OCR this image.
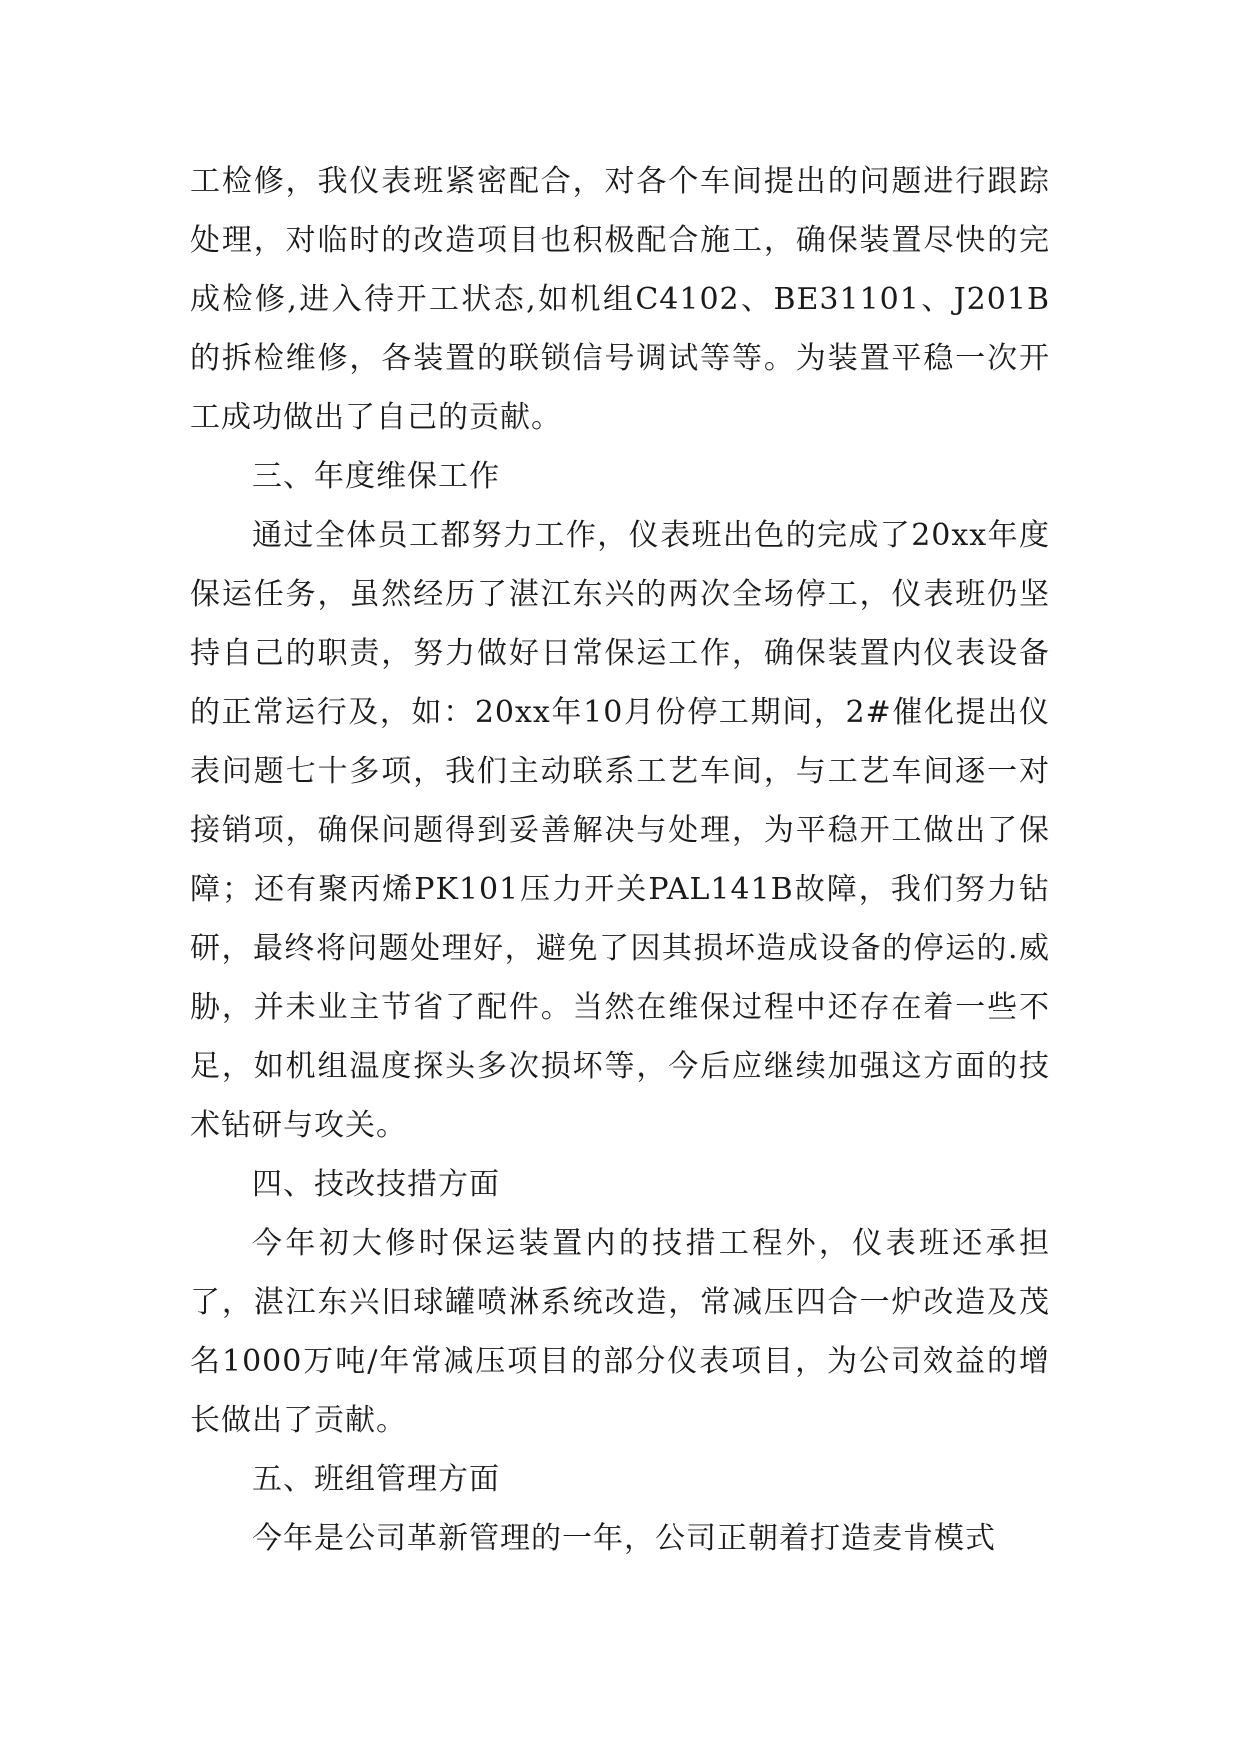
工检修，我仪表班紧密配合，对各个车间提出的问题进行跟踪处理，对临时的改造项目也积极配合施工，确保装置尽快的完成检修,进入待开工状态,如机组C4102、BE31101、J201B的拆检维修，各装置的联锁信号调试等等。为装置平稳一次开工成功做出了自己的贡献。

三、年度维保工作

通过全体员工都努力工作，仪表班出色的完成了20xx年度保运任务，虽然经历了湛江东兴的两次全场停工，仪表班仍坚持自己的职责，努力做好日常保运工作，确保装置内仪表设备的正常运行及，如：20xx年10月份停工期间，2#催化提出仪表问题七十多项，我们主动联系工艺车间，与工艺车间逐一对接销项，确保问题得到妥善解决与处理，为平稳开工做出了保障；还有聚丙烯PK101压力开关PAL141B故障，我们努力钻研，最终将问题处理好，避免了因其损坏造成设备的停运的.威胁，并未业主节省了配件。当然在维保过程中还存在着一些不足，如机组温度探头多次损坏等，今后应继续加强这方面的技术钻研与攻关。

四、技改技措方面

今年初大修时保运装置内的技措工程外，仪表班还承担了，湛江东兴旧球罐喷淋系统改造，常减压四合一炉改造及茂名1000万吨/年常减压项目的部分仪表项目，为公司效益的增长做出了贡献。

五、班组管理方面

今年是公司革新管理的一年，公司正朝着打造麦肯模式
